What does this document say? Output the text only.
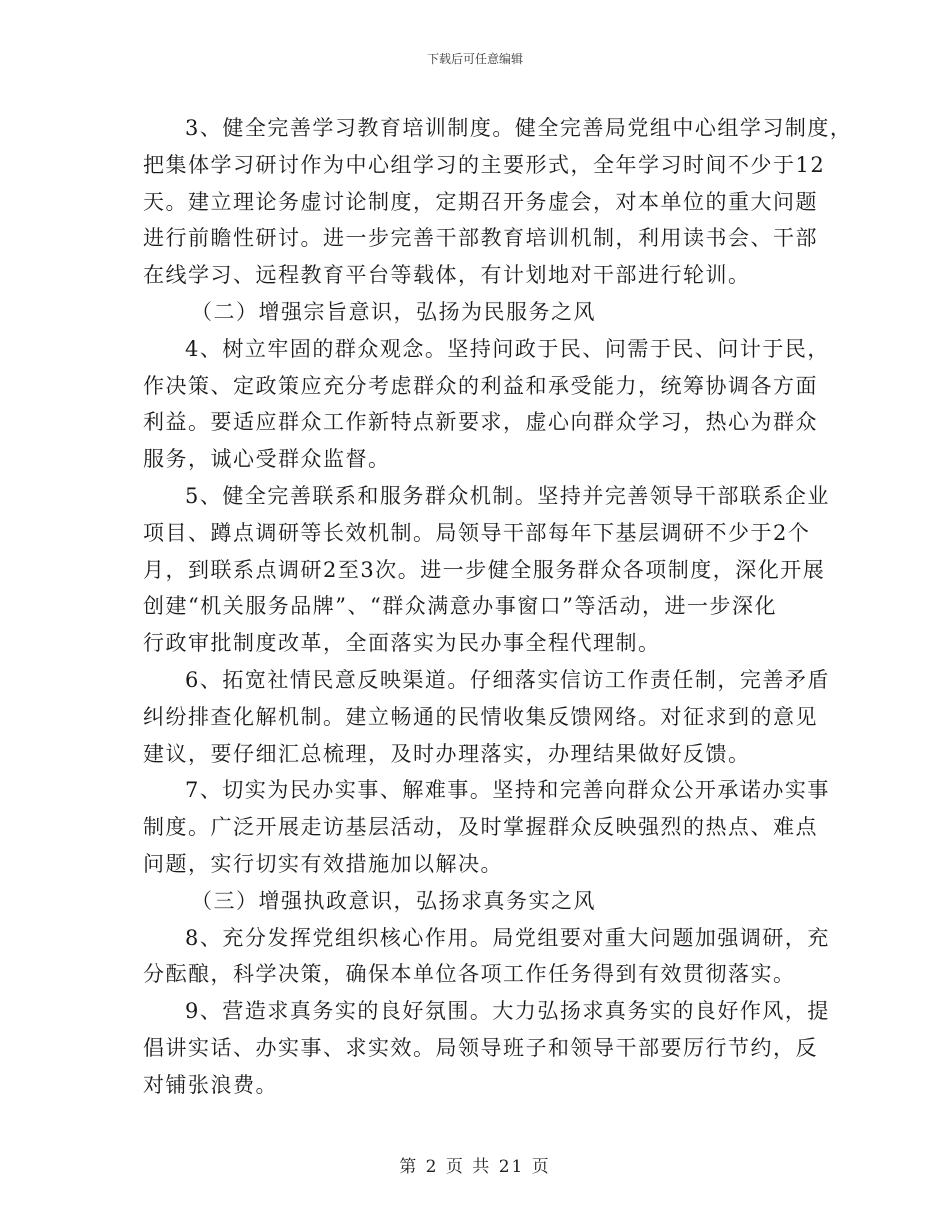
下载后可任意编辑
3、健全完善学习教育培训制度。健全完善局党组中心组学习制度，
把集体学习研讨作为中心组学习的主要形式，全年学习时间不少于12
天。建立理论务虚讨论制度，定期召开务虚会，对本单位的重大问题
进行前瞻性研讨。进一步完善干部教育培训机制，利用读书会、干部
在线学习、远程教育平台等载体，有计划地对干部进行轮训。
（二）增强宗旨意识，弘扬为民服务之风
4、树立牢固的群众观念。坚持问政于民、问需于民、问计于民，
作决策、定政策应充分考虑群众的利益和承受能力，统筹协调各方面
利益。要适应群众工作新特点新要求，虚心向群众学习，热心为群众
服务，诚心受群众监督。
5、健全完善联系和服务群众机制。坚持并完善领导干部联系企业
项目、蹲点调研等长效机制。局领导干部每年下基层调研不少于2个
月，到联系点调研2至3次。进一步健全服务群众各项制度，深化开展
创建“机关服务品牌”、“群众满意办事窗口”等活动，进一步深化
行政审批制度改革，全面落实为民办事全程代理制。
6、拓宽社情民意反映渠道。仔细落实信访工作责任制，完善矛盾
纠纷排查化解机制。建立畅通的民情收集反馈网络。对征求到的意见
建议，要仔细汇总梳理，及时办理落实，办理结果做好反馈。
7、切实为民办实事、解难事。坚持和完善向群众公开承诺办实事
制度。广泛开展走访基层活动，及时掌握群众反映强烈的热点、难点
问题，实行切实有效措施加以解决。
（三）增强执政意识，弘扬求真务实之风
8、充分发挥党组织核心作用。局党组要对重大问题加强调研，充
分酝酿，科学决策，确保本单位各项工作任务得到有效贯彻落实。
9、营造求真务实的良好氛围。大力弘扬求真务实的良好作风，提
倡讲实话、办实事、求实效。局领导班子和领导干部要厉行节约，反
对铺张浪费。
第 2 页 共 21 页
